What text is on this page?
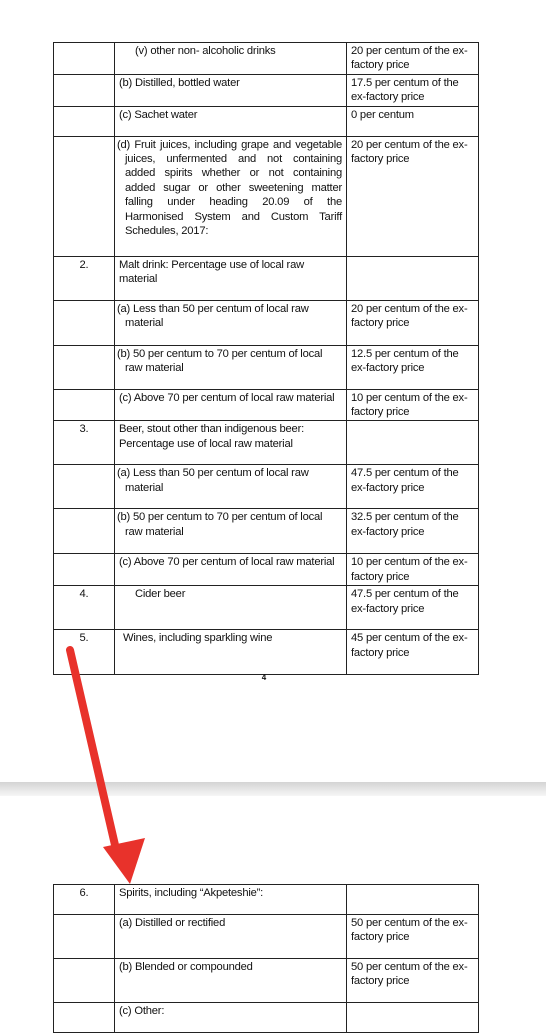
	(v) other non- alcoholic drinks	20 per centum of the ex-factory price
	(b) Distilled, bottled water	17.5 per centum of the ex-factory price
	(c) Sachet water	0 per centum
	(d) Fruit juices, including grape and vegetable juices, unfermented and not containing added spirits whether or not containing added sugar or other sweetening matter falling under heading 20.09 of the Harmonised System and Custom Tariff Schedules, 2017:	20 per centum of the ex-factory price
2.	Malt drink: Percentage use of local raw material	
	(a) Less than 50 per centum of local raw material	20 per centum of the ex-factory price
	(b) 50 per centum to 70 per centum of local raw material	12.5 per centum of the ex-factory price
	(c) Above 70 per centum of local raw material	10 per centum of the ex-factory price
3.	Beer, stout other than indigenous beer: Percentage use of local raw material	
	(a) Less than 50 per centum of local raw material	47.5 per centum of the ex-factory price
	(b) 50 per centum to 70 per centum of local raw material	32.5 per centum of the ex-factory price
	(c) Above 70 per centum of local raw material	10 per centum of the ex-factory price
4.	Cider beer	47.5 per centum of the ex-factory price
5.	Wines, including sparkling wine	45 per centum of the ex-factory price
4
6.	Spirits, including “Akpeteshie”:	
	(a) Distilled or rectified	50 per centum of the ex-factory price
	(b) Blended or compounded	50 per centum of the ex-factory price
	(c) Other:	
